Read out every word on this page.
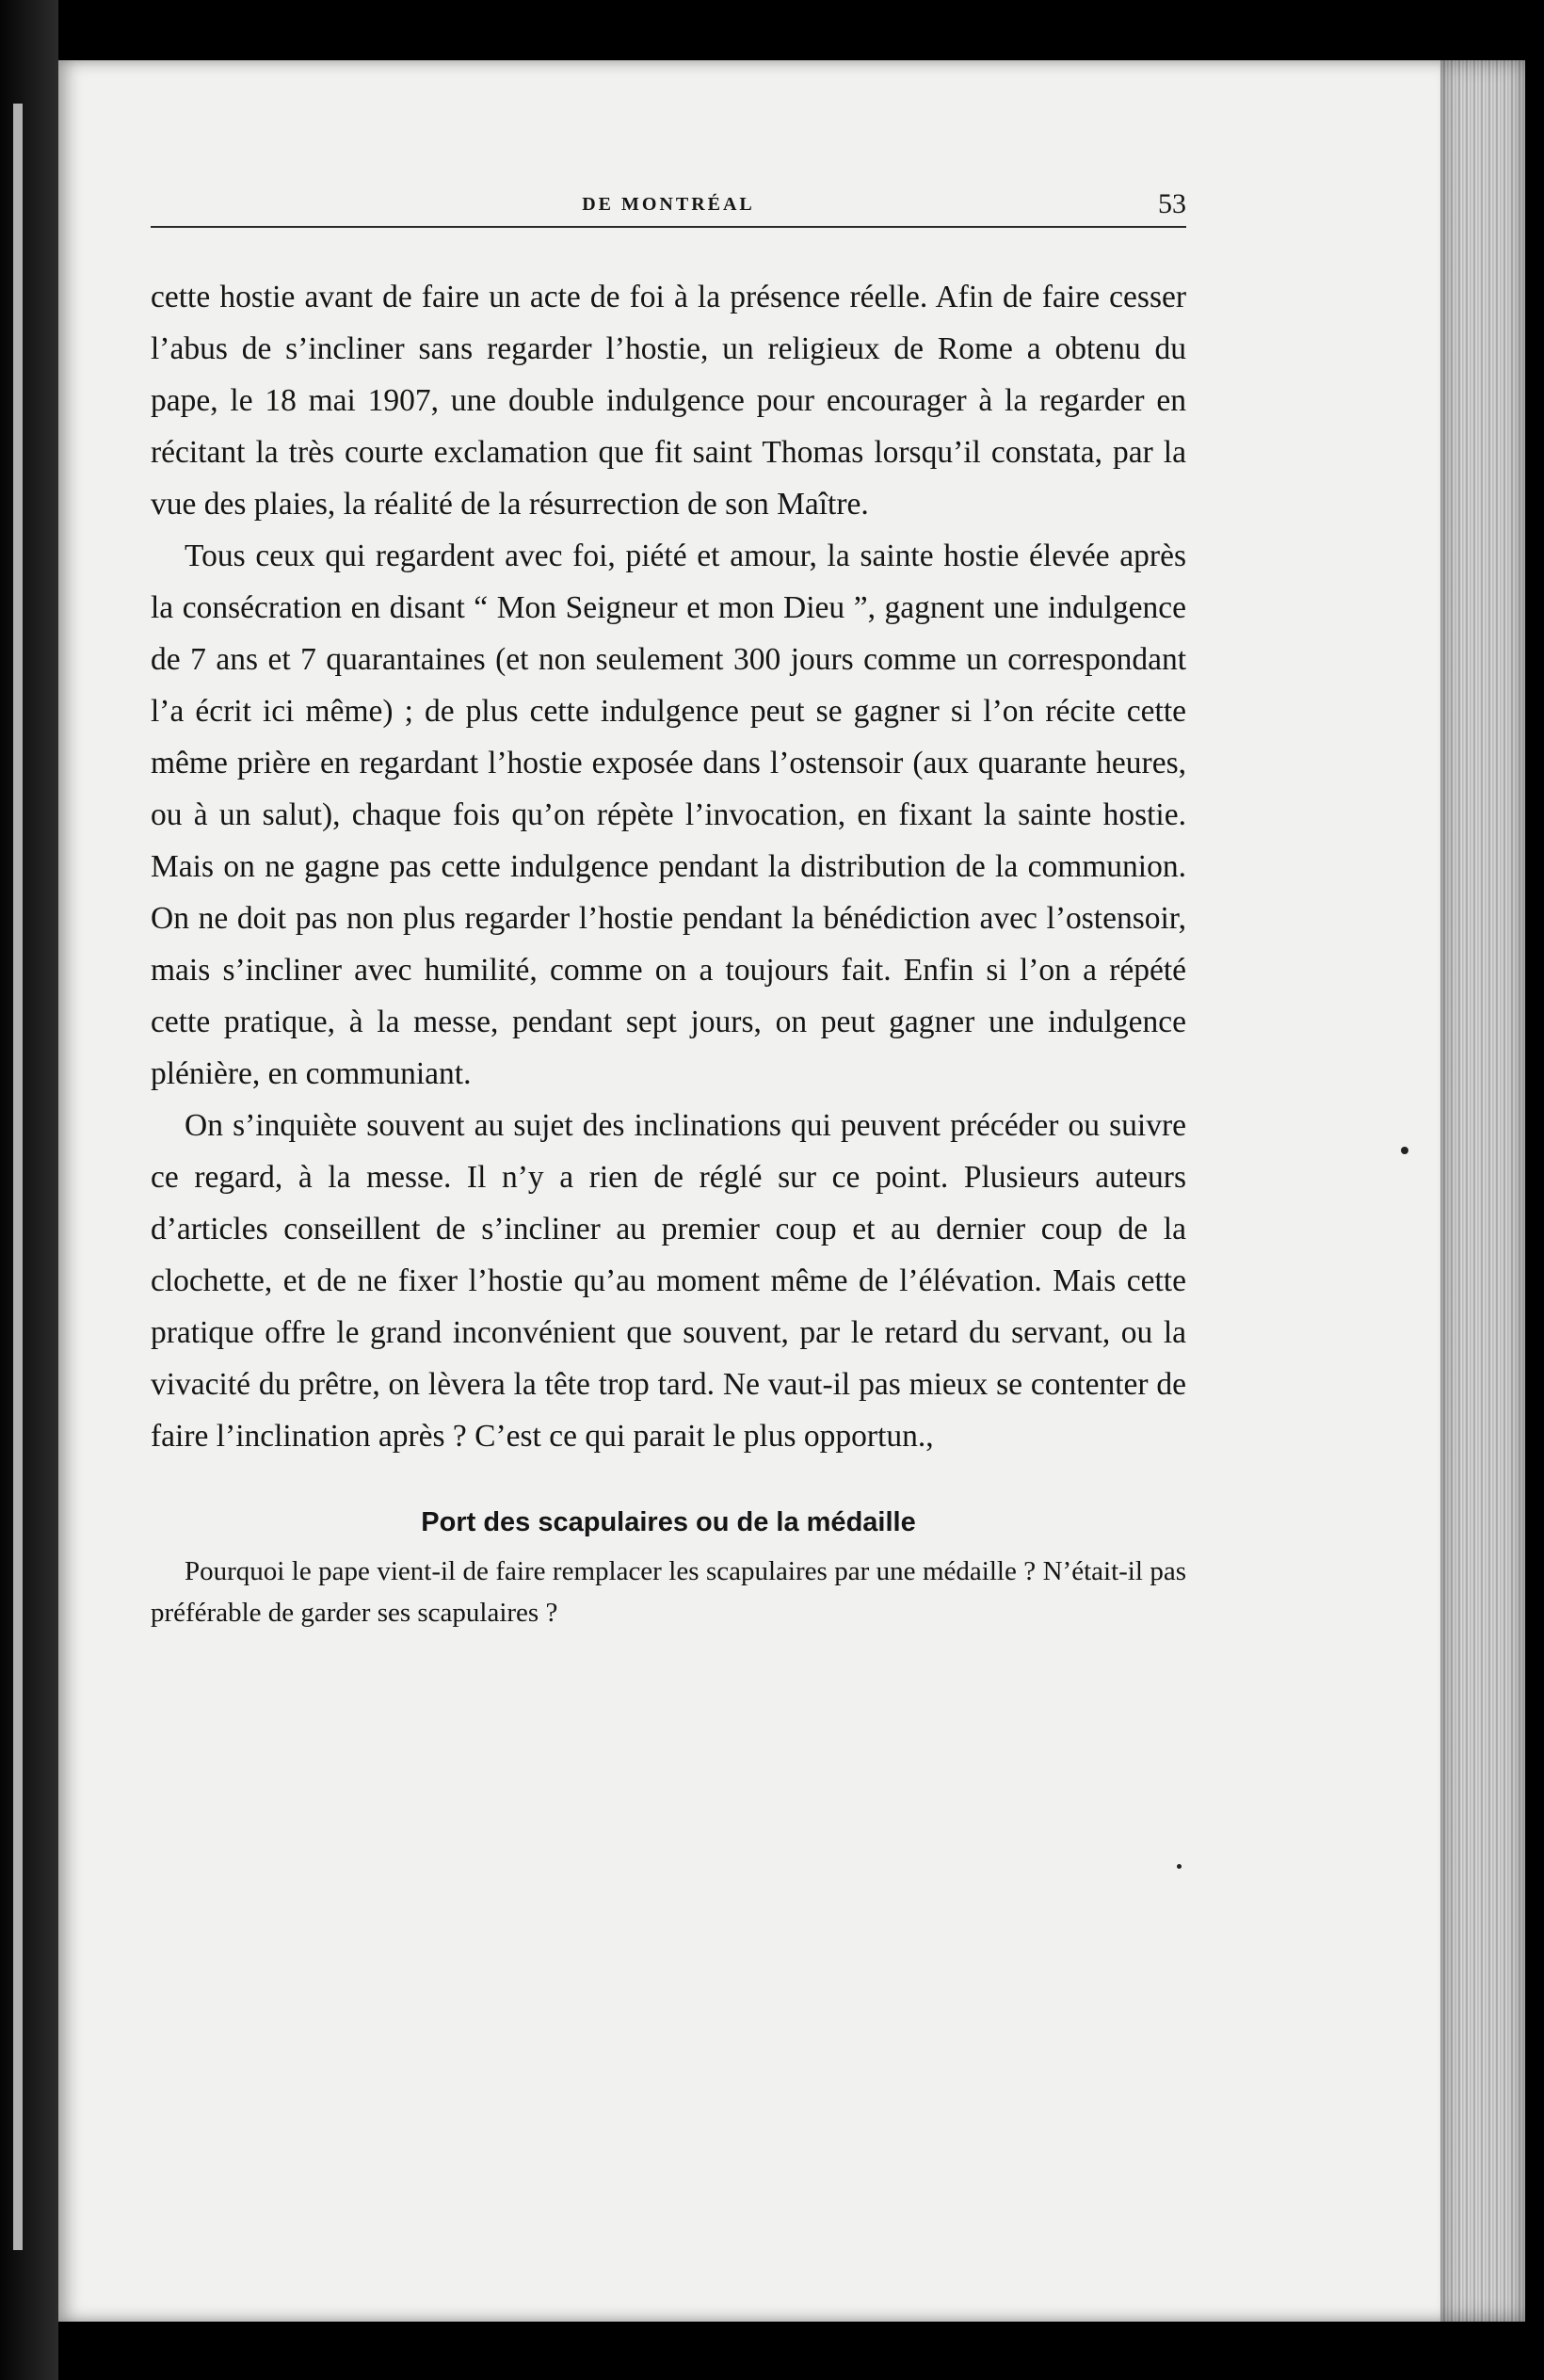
DE MONTRÉAL	53

cette hostie avant de faire un acte de foi à la présence réelle. Afin de faire cesser l’abus de s’incliner sans regarder l’hostie, un religieux de Rome a obtenu du pape, le 18 mai 1907, une double indulgence pour encourager à la regarder en récitant la très courte exclamation que fit saint Thomas lorsqu’il constata, par la vue des plaies, la réalité de la résurrection de son Maître.

Tous ceux qui regardent avec foi, piété et amour, la sainte hostie élevée après la consécration en disant “ Mon Seigneur et mon Dieu ”, gagnent une indulgence de 7 ans et 7 quarantaines (et non seulement 300 jours comme un correspondant l’a écrit ici même) ; de plus cette indulgence peut se gagner si l’on récite cette même prière en regardant l’hostie exposée dans l’ostensoir (aux quarante heures, ou à un salut), chaque fois qu’on répète l’invocation, en fixant la sainte hostie. Mais on ne gagne pas cette indulgence pendant la distribution de la communion. On ne doit pas non plus regarder l’hostie pendant la bénédiction avec l’ostensoir, mais s’incliner avec humilité, comme on a toujours fait. Enfin si l’on a répété cette pratique, à la messe, pendant sept jours, on peut gagner une indulgence plénière, en communiant.

On s’inquiète souvent au sujet des inclinations qui peuvent précéder ou suivre ce regard, à la messe. Il n’y a rien de réglé sur ce point. Plusieurs auteurs d’articles conseillent de s’incliner au premier coup et au dernier coup de la clochette, et de ne fixer l’hostie qu’au moment même de l’élévation. Mais cette pratique offre le grand inconvénient que souvent, par le retard du servant, ou la vivacité du prêtre, on lèvera la tête trop tard. Ne vaut-il pas mieux se contenter de faire l’inclination après ? C’est ce qui parait le plus opportun.,

Port des scapulaires ou de la médaille

Pourquoi le pape vient-il de faire remplacer les scapulaires par une médaille ? N’était-il pas préférable de garder ses scapulaires ?
